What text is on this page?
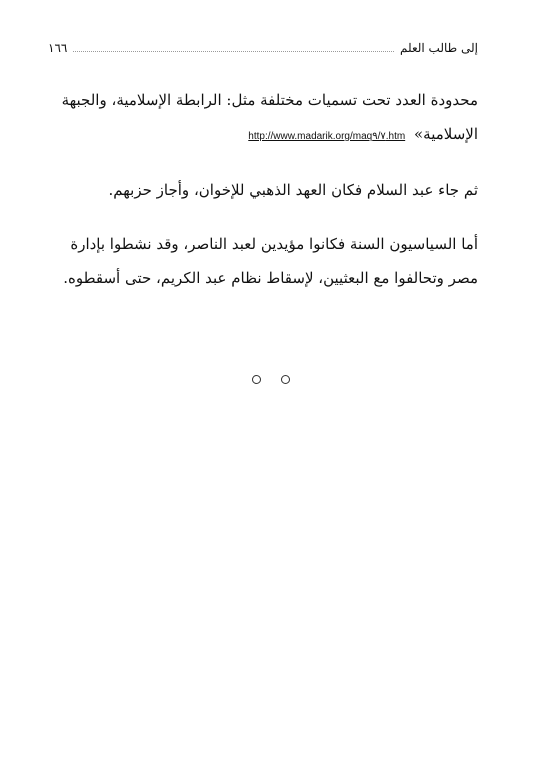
١٦٦	إلى طالب العلم
محدودة العدد تحت تسميات مختلفة مثل: الرابطة الإسلامية، والجبهة
الإسلامية» http://www.madarik.org/maq٩/٧.htm
ثم جاء عبد السلام فكان العهد الذهبي للإخوان، وأجاز حزبهم.
أما السياسيون السنة فكانوا مؤيدين لعبد الناصر، وقد نشطوا بإدارة
مصر وتحالفوا مع البعثيين، لإسقاط نظام عبد الكريم، حتى أسقطوه.
